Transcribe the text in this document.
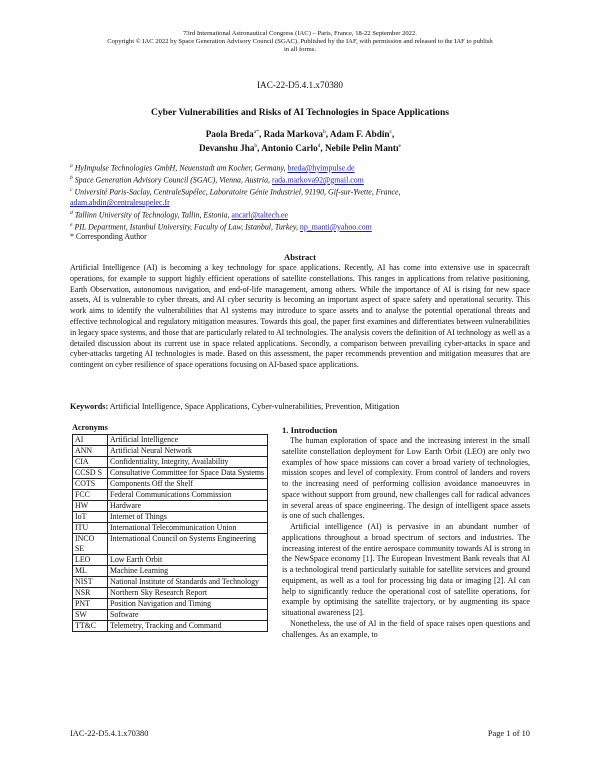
73rd International Astronautical Congress (IAC) – Paris, France, 18-22 September 2022.
Copyright © IAC 2022 by Space Generation Advisory Council (SGAC). Published by the IAF, with permission and released to the IAF to publish
in all forms.
IAC-22-D5.4.1.x70380
Cyber Vulnerabilities and Risks of AI Technologies in Space Applications
Paola Breda$^{a*}$, Rada Markova$^b$, Adam F. Abdin$^c$,
Devanshu Jha$^b$, Antonio Carlo$^d$, Nebile Pelin Mantı$^e$
$^a$ HyImpulse Technologies GmbH, Neuenstadt am Kocher, Germany, breda@hyimpulse.de
$^b$ Space Generation Advisory Council (SGAC), Vienna, Austria, rada.markova92@gmail.com
$^c$ Université Paris-Saclay, CentraleSupélec, Laboratoire Génie Industriel, 91190, Gif-sur-Yvette, France,
adam.abdin@centralesupelec.fr
$^d$ Tallinn University of Technology, Tallin, Estonia, ancarl@taltech.ee
$^e$ PIL Department, Istanbul University, Faculty of Law, Istanbul, Turkey, np_manti@yahoo.com
* Corresponding Author
Abstract
Artificial Intelligence (AI) is becoming a key technology for space applications. Recently, AI has come into extensive use in spacecraft operations, for example to support highly efficient operations of satellite constellations. This ranges in applications from relative positioning, Earth Observation, autonomous navigation, and end-of-life management, among others. While the importance of AI is rising for new space assets, AI is vulnerable to cyber threats, and AI cyber security is becoming an important aspect of space safety and operational security. This work aims to identify the vulnerabilities that AI systems may introduce to space assets and to analyse the potential operational threats and effective technological and regulatory mitigation measures. Towards this goal, the paper first examines and differentiates between vulnerabilities in legacy space systems, and those that are particularly related to AI technologies. The analysis covers the definition of AI technology as well as a detailed discussion about its current use in space related applications. Secondly, a comparison between prevailing cyber-attacks in space and cyber-attacks targeting AI technologies is made. Based on this assessment, the paper recommends prevention and mitigation measures that are contingent on cyber resilience of space operations focusing on AI-based space applications.
Keywords: Artificial Intelligence, Space Applications, Cyber-vulnerabilities, Prevention, Mitigation
Acronyms
AI	Artificial Intelligence
ANN	Artificial Neural Network
CIA	Confidentiality, Integrity, Availability
CCSD S	Consultative Committee for Space Data Systems
COTS	Components Off the Shelf
FCC	Federal Communications Commission
HW	Hardware
IoT	Internet of Things
ITU	International Telecommunication Union
INCO SE	International Council on Systems Engineering
LEO	Low Earth Orbit
ML	Machine Learning
NIST	National Institute of Standards and Technology
NSR	Northern Sky Research Report
PNT	Position Navigation and Timing
SW	Software
TT&C	Telemetry, Tracking and Command
1. Introduction

The human exploration of space and the increasing interest in the small satellite constellation deployment for Low Earth Orbit (LEO) are only two examples of how space missions can cover a broad variety of technologies, mission scopes and level of complexity. From control of landers and rovers to the increasing need of performing collision avoidance manoeuvres in space without support from ground, new challenges call for radical advances in several areas of space engineering. The design of intelligent space assets is one of such challenges.

Artificial intelligence (AI) is pervasive in an abundant number of applications throughout a broad spectrum of sectors and industries. The increasing interest of the entire aerospace community towards AI is strong in the NewSpace economy [1]. The European Investment Bank reveals that AI is a technological trend particularly suitable for satellite services and ground equipment, as well as a tool for processing big data or imaging [2]. AI can help to significantly reduce the operational cost of satellite operations, for example by optimising the satellite trajectory, or by augmenting its space situational awareness [2].

Nonetheless, the use of AI in the field of space raises open questions and challenges. As an example, to

IAC-22-D5.4.1.x70380	Page 1 of 10
